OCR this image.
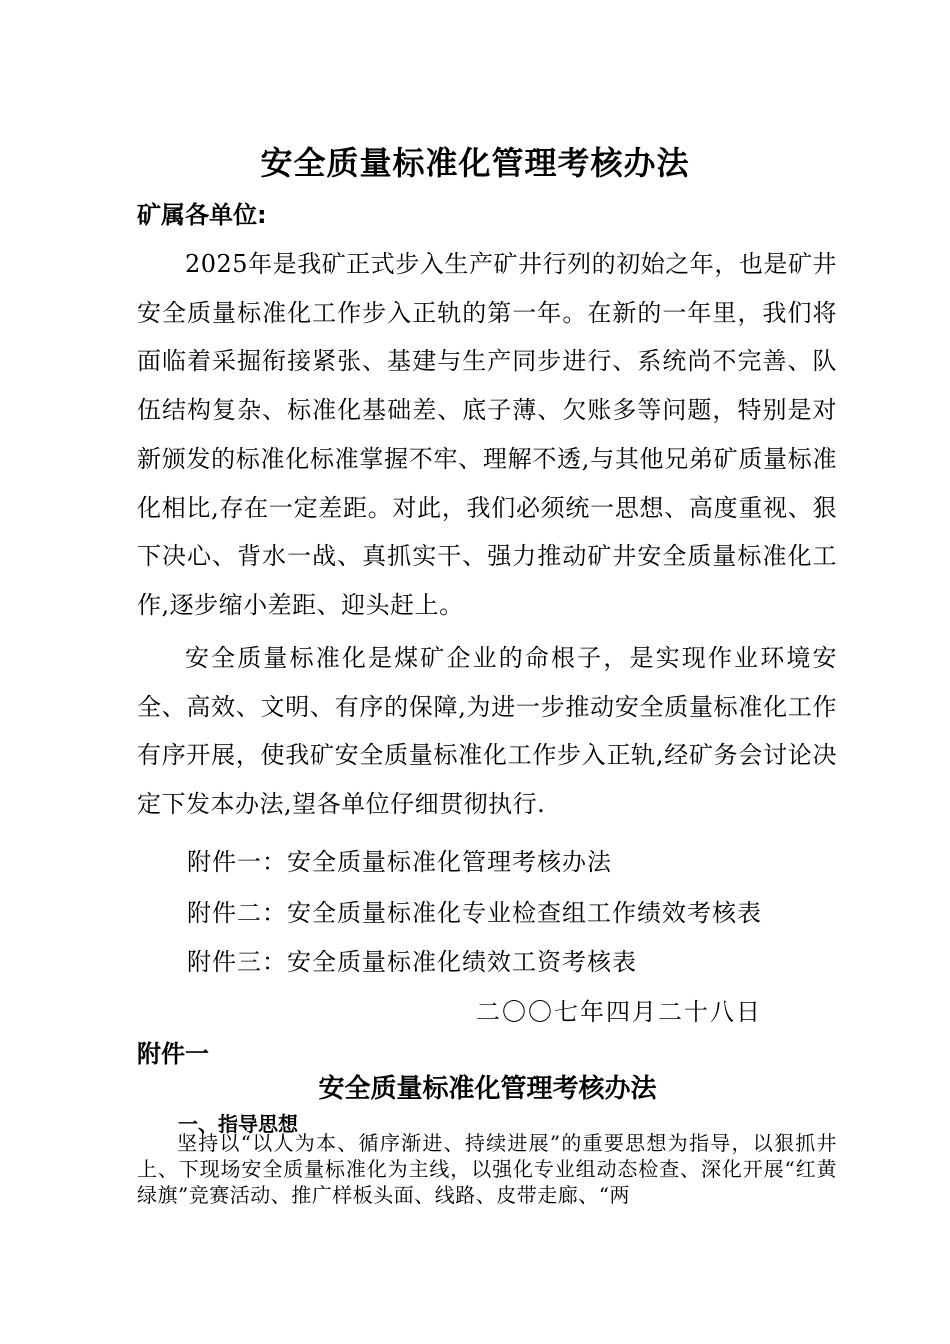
安全质量标准化管理考核办法
矿属各单位:

2025年是我矿正式步入生产矿井行列的初始之年，也是矿井安全质量标准化工作步入正轨的第一年。在新的一年里，我们将面临着采掘衔接紧张、基建与生产同步进行、系统尚不完善、队伍结构复杂、标准化基础差、底子薄、欠账多等问题，特别是对新颁发的标准化标准掌握不牢、理解不透,与其他兄弟矿质量标准化相比,存在一定差距。对此，我们必须统一思想、高度重视、狠下决心、背水一战、真抓实干、强力推动矿井安全质量标准化工作,逐步缩小差距、迎头赶上。

安全质量标准化是煤矿企业的命根子，是实现作业环境安全、高效、文明、有序的保障,为进一步推动安全质量标准化工作有序开展，使我矿安全质量标准化工作步入正轨,经矿务会讨论决定下发本办法,望各单位仔细贯彻执行.

附件一：安全质量标准化管理考核办法
附件二：安全质量标准化专业检查组工作绩效考核表
附件三：安全质量标准化绩效工资考核表
二〇〇七年四月二十八日
附件一
安全质量标准化管理考核办法
一、指导思想

坚持以“以人为本、循序渐进、持续进展”的重要思想为指导，以狠抓井上、下现场安全质量标准化为主线，以强化专业组动态检查、深化开展“红黄绿旗”竞赛活动、推广样板头面、线路、皮带走廊、“两
